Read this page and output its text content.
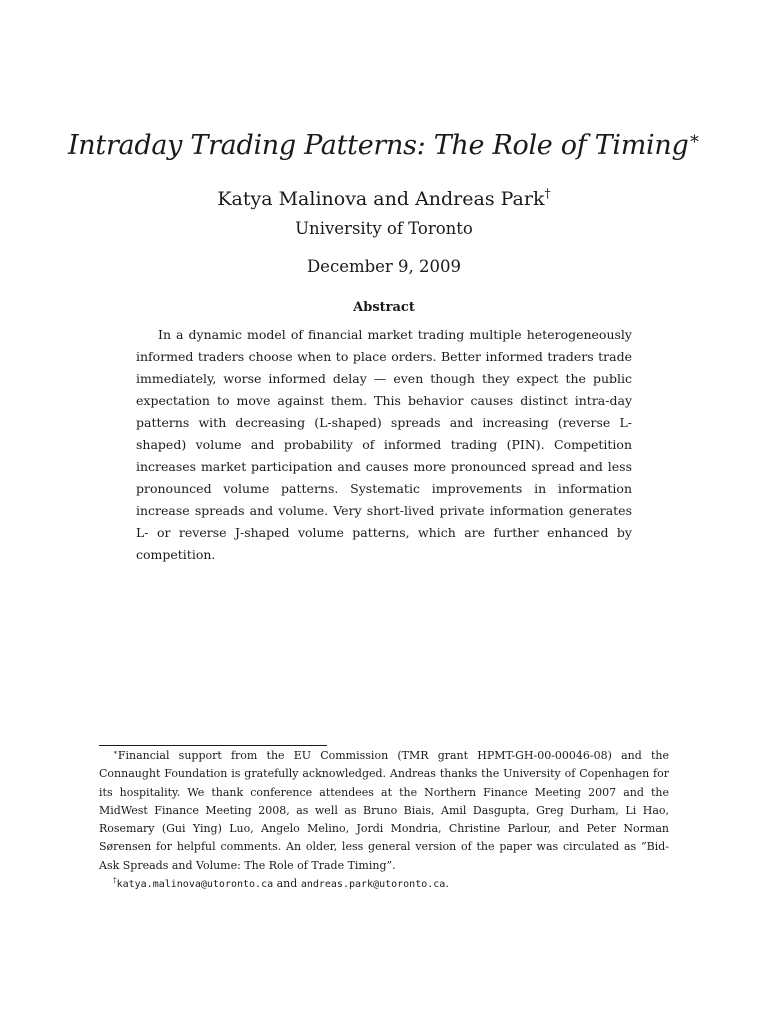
Intraday Trading Patterns: The Role of Timing∗
Katya Malinova and Andreas Park†
University of Toronto
December 9, 2009
Abstract

In a dynamic model of financial market trading multiple heterogeneously informed traders choose when to place orders. Better informed traders trade immediately, worse informed delay — even though they expect the public expectation to move against them. This behavior causes distinct intra-day patterns with decreasing (L-shaped) spreads and increasing (reverse L-shaped) volume and probability of informed trading (PIN). Competition increases market participation and causes more pronounced spread and less pronounced volume patterns. Systematic improvements in information increase spreads and volume. Very short-lived private information generates L- or reverse J-shaped volume patterns, which are further enhanced by competition.

∗Financial support from the EU Commission (TMR grant HPMT-GH-00-00046-08) and the Connaught Foundation is gratefully acknowledged. Andreas thanks the University of Copenhagen for its hospitality. We thank conference attendees at the Northern Finance Meeting 2007 and the MidWest Finance Meeting 2008, as well as Bruno Biais, Amil Dasgupta, Greg Durham, Li Hao, Rosemary (Gui Ying) Luo, Angelo Melino, Jordi Mondria, Christine Parlour, and Peter Norman Sørensen for helpful comments. An older, less general version of the paper was circulated as “Bid-Ask Spreads and Volume: The Role of Trade Timing”.

†katya.malinova@utoronto.ca and andreas.park@utoronto.ca.
